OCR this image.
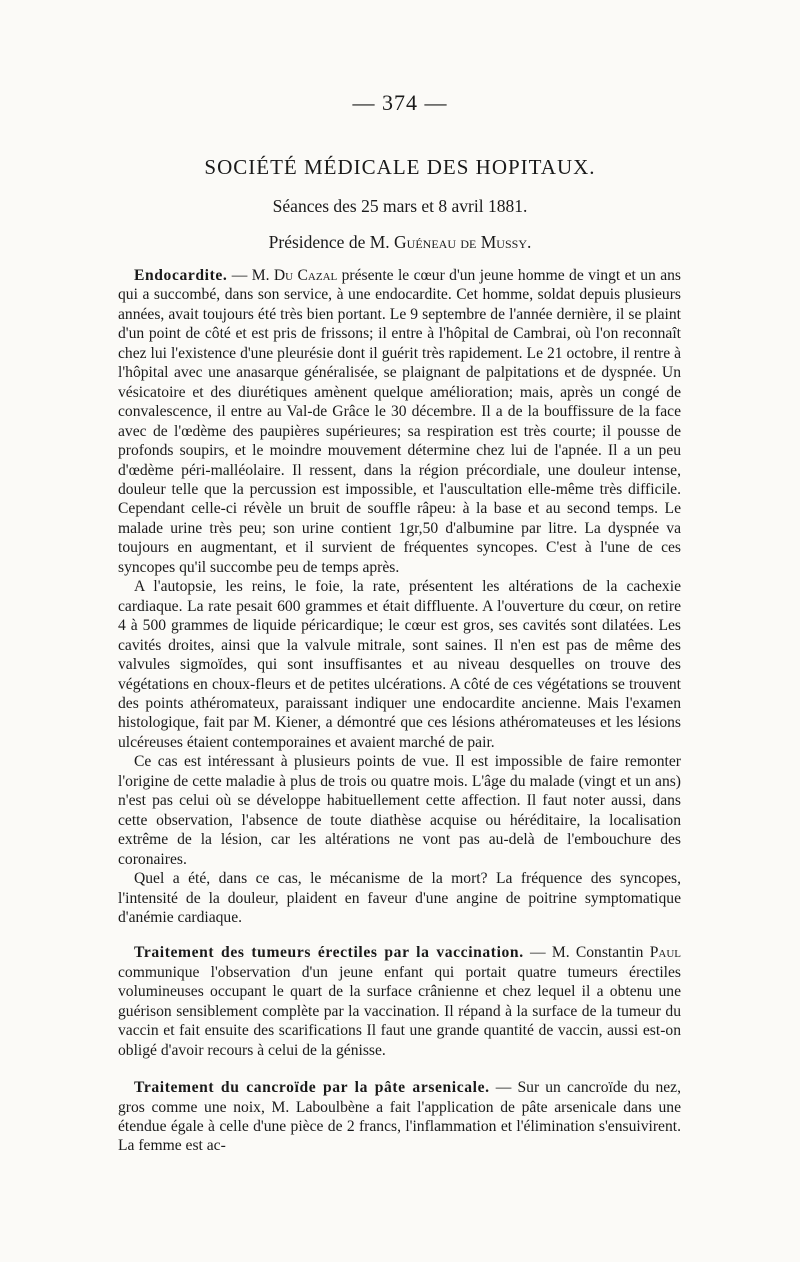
— 374 —
SOCIÉTÉ MÉDICALE DES HOPITAUX.
Séances des 25 mars et 8 avril 1881.
Présidence de M. Guéneau de Mussy.

Endocardite. — M. Du Cazal présente le cœur d'un jeune homme de vingt et un ans qui a succombé, dans son service, à une endocardite. Cet homme, soldat depuis plusieurs années, avait toujours été très bien portant. Le 9 septembre de l'année dernière, il se plaint d'un point de côté et est pris de frissons; il entre à l'hôpital de Cambrai, où l'on reconnaît chez lui l'existence d'une pleurésie dont il guérit très rapidement. Le 21 octobre, il rentre à l'hôpital avec une anasarque généralisée, se plaignant de palpitations et de dyspnée. Un vésicatoire et des diurétiques amènent quelque amélioration; mais, après un congé de convalescence, il entre au Val-de Grâce le 30 décembre. Il a de la bouffissure de la face avec de l'œdème des paupières supérieures; sa respiration est très courte; il pousse de profonds soupirs, et le moindre mouvement détermine chez lui de l'apnée. Il a un peu d'œdème péri-malléolaire. Il ressent, dans la région précordiale, une douleur intense, douleur telle que la percussion est impossible, et l'auscultation elle-même très difficile. Cependant celle-ci révèle un bruit de souffle râpeu: à la base et au second temps. Le malade urine très peu; son urine contient 1gr,50 d'albumine par litre. La dyspnée va toujours en augmentant, et il survient de fréquentes syncopes. C'est à l'une de ces syncopes qu'il succombe peu de temps après.

A l'autopsie, les reins, le foie, la rate, présentent les altérations de la cachexie cardiaque. La rate pesait 600 grammes et était diffluente. A l'ouverture du cœur, on retire 4 à 500 grammes de liquide péricardique; le cœur est gros, ses cavités sont dilatées. Les cavités droites, ainsi que la valvule mitrale, sont saines. Il n'en est pas de même des valvules sigmoïdes, qui sont insuffisantes et au niveau desquelles on trouve des végétations en choux-fleurs et de petites ulcérations. A côté de ces végétations se trouvent des points athéromateux, paraissant indiquer une endocardite ancienne. Mais l'examen histologique, fait par M. Kiener, a démontré que ces lésions athéromateuses et les lésions ulcéreuses étaient contemporaines et avaient marché de pair.

Ce cas est intéressant à plusieurs points de vue. Il est impossible de faire remonter l'origine de cette maladie à plus de trois ou quatre mois. L'âge du malade (vingt et un ans) n'est pas celui où se développe habituellement cette affection. Il faut noter aussi, dans cette observation, l'absence de toute diathèse acquise ou héréditaire, la localisation extrême de la lésion, car les altérations ne vont pas au-delà de l'embouchure des coronaires.

Quel a été, dans ce cas, le mécanisme de la mort? La fréquence des syncopes, l'intensité de la douleur, plaident en faveur d'une angine de poitrine symptomatique d'anémie cardiaque.

Traitement des tumeurs érectiles par la vaccination. — M. Constantin Paul communique l'observation d'un jeune enfant qui portait quatre tumeurs érectiles volumineuses occupant le quart de la surface crânienne et chez lequel il a obtenu une guérison sensiblement complète par la vaccination. Il répand à la surface de la tumeur du vaccin et fait ensuite des scarifications Il faut une grande quantité de vaccin, aussi est-on obligé d'avoir recours à celui de la génisse.

Traitement du cancroïde par la pâte arsenicale. — Sur un cancroïde du nez, gros comme une noix, M. Laboulbène a fait l'application de pâte arsenicale dans une étendue égale à celle d'une pièce de 2 francs, l'inflammation et l'élimination s'ensuivirent. La femme est ac-
